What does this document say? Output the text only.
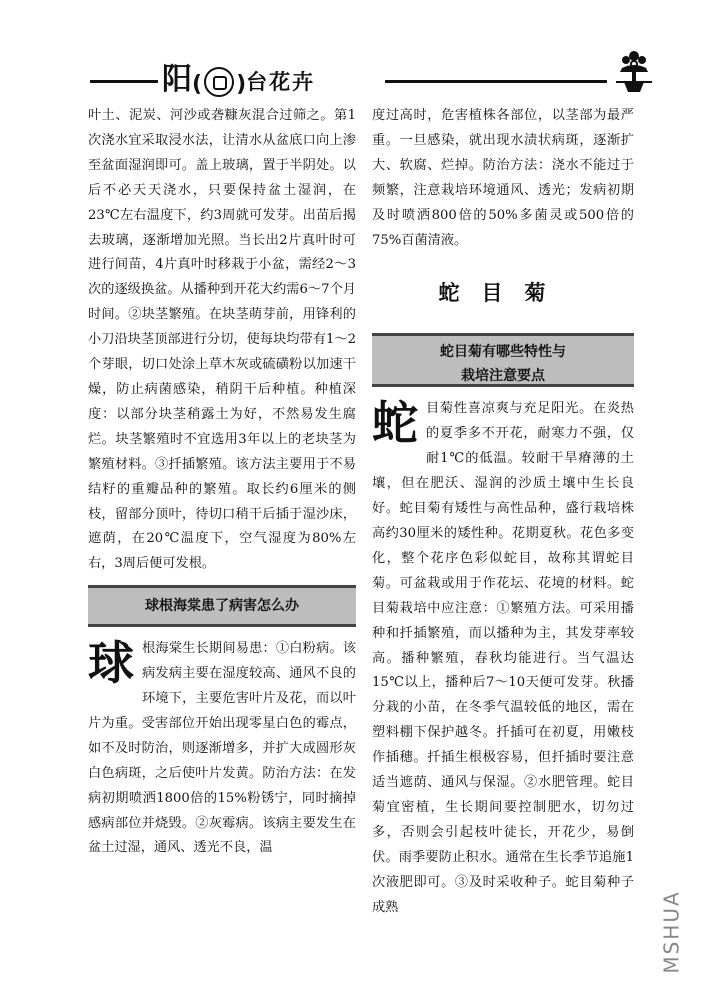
阳( )台花卉

叶土、泥炭、河沙或砻糠灰混合过筛之。第1次浇水宜采取浸水法，让清水从盆底口向上渗至盆面湿润即可。盖上玻璃，置于半阴处。以后不必天天浇水，只要保持盆土湿润，在23℃左右温度下，约3周就可发芽。出苗后揭去玻璃，逐渐增加光照。当长出2片真叶时可进行间苗，4片真叶时移栽于小盆，需经2～3次的逐级换盆。从播种到开花大约需6～7个月时间。②块茎繁殖。在块茎萌芽前，用锋利的小刀沿块茎顶部进行分切，使每块均带有1～2个芽眼，切口处涂上草木灰或硫磺粉以加速干燥，防止病菌感染，稍阴干后种植。种植深度：以部分块茎稍露土为好，不然易发生腐烂。块茎繁殖时不宜选用3年以上的老块茎为繁殖材料。③扦插繁殖。该方法主要用于不易结籽的重瓣品种的繁殖。取长约6厘米的侧枝，留部分顶叶，待切口稍干后插于湿沙床，遮荫，在20℃温度下，空气湿度为80%左右，3周后便可发根。

球根海棠患了病害怎么办

球根海棠生长期间易患：①白粉病。该病发病主要在湿度较高、通风不良的环境下，主要危害叶片及花，而以叶片为重。受害部位开始出现零星白色的霉点，如不及时防治，则逐渐增多，并扩大成圆形灰白色病斑，之后使叶片发黄。防治方法：在发病初期喷洒1800倍的15%粉锈宁，同时摘掉感病部位并烧毁。②灰霉病。该病主要发生在盆土过湿，通风、透光不良，温

度过高时，危害植株各部位，以茎部为最严重。一旦感染，就出现水渍状病斑，逐渐扩大、软腐、烂掉。防治方法：浇水不能过于频繁，注意栽培环境通风、透光；发病初期及时喷洒800倍的50%多菌灵或500倍的75%百菌清液。

蛇目菊
蛇目菊有哪些特性与
栽培注意要点

蛇目菊性喜凉爽与充足阳光。在炎热的夏季多不开花，耐寒力不强，仅耐1℃的低温。较耐干旱瘠薄的土壤，但在肥沃、湿润的沙质土壤中生长良好。蛇目菊有矮性与高性品种，盛行栽培株高约30厘米的矮性种。花期夏秋。花色多变化，整个花序色彩似蛇目，故称其谓蛇目菊。可盆栽或用于作花坛、花境的材料。蛇目菊栽培中应注意：①繁殖方法。可采用播种和扦插繁殖，而以播种为主，其发芽率较高。播种繁殖，春秋均能进行。当气温达15℃以上，播种后7～10天便可发芽。秋播分栽的小苗，在冬季气温较低的地区，需在塑料棚下保护越冬。扦插可在初夏，用嫩枝作插穗。扦插生根极容易，但扦插时要注意适当遮荫、通风与保湿。②水肥管理。蛇目菊宜密植，生长期间要控制肥水，切勿过多，否则会引起枝叶徒长，开花少，易倒伏。雨季要防止积水。通常在生长季节追施1次液肥即可。③及时采收种子。蛇目菊种子成熟	MSHUA
